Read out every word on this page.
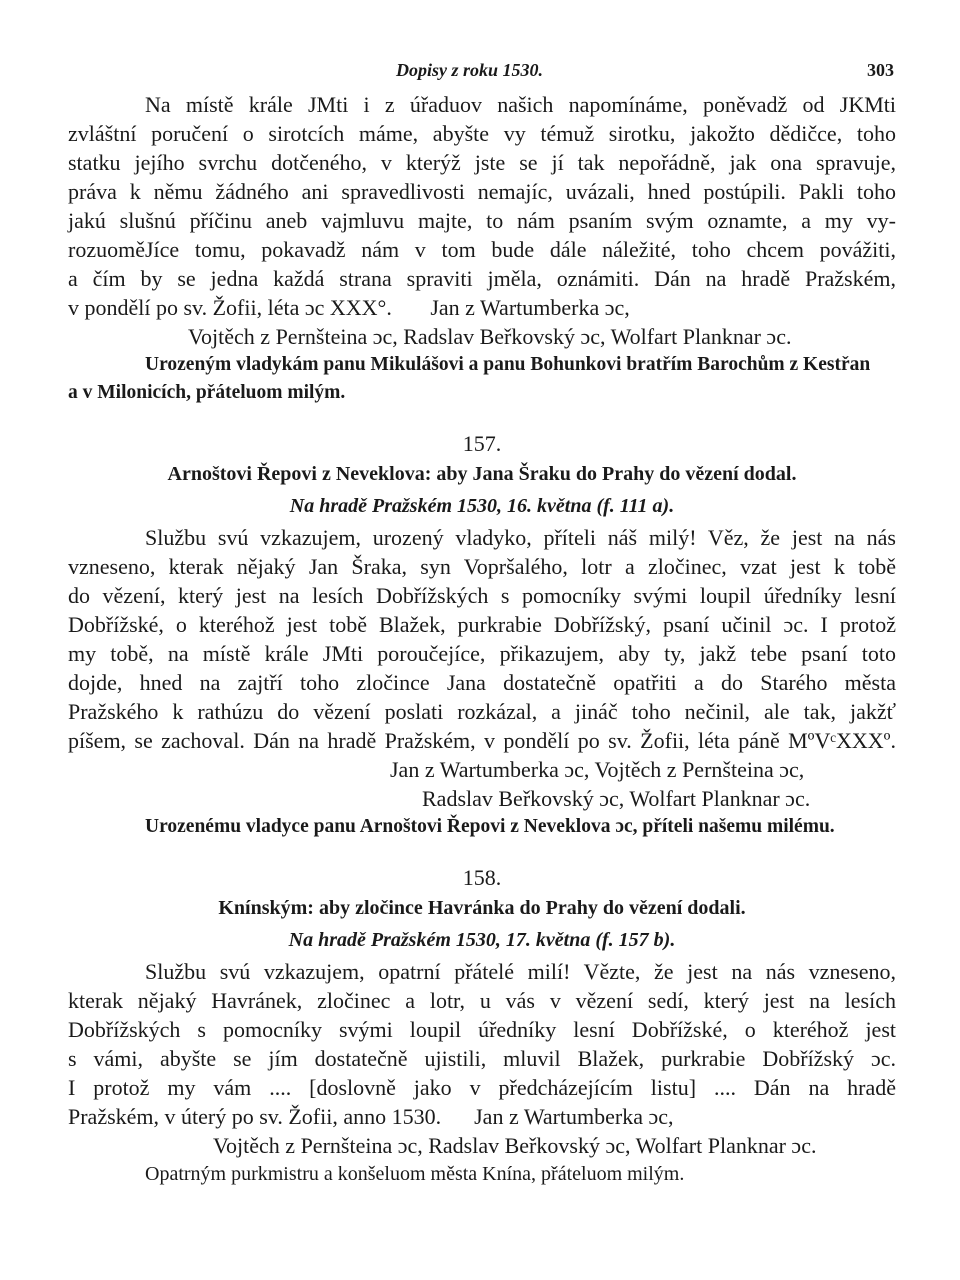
Dopisy z roku 1530.	303
Na místě krále JMti i z úřaduov našich napomínáme, poněvadž od JKMti
zvláštní poručení o sirotcích máme, abyšte vy témuž sirotku, jakožto dědičce, toho
statku jejího svrchu dotčeného, v kterýž jste se jí tak nepořádně, jak ona spravuje,
práva k němu žádného ani spravedlivosti nemajíc, uvázali, hned postúpili. Pakli toho
jakú slušnú příčinu aneb vajmluvu majte, to nám psaním svým oznamte, a my vy-
rozuoměJíce tomu, pokavadž nám v tom bude dále náležité, toho chcem povážiti,
a čím by se jedna každá strana spraviti jměla, oznámiti. Dán na hradě Pražském,
v pondělí po sv. Žofii, léta ɔc XXX°.       Jan z Wartumberka ɔc,
Vojtěch z Pernšteina ɔc, Radslav Beřkovský ɔc, Wolfart Planknar ɔc.
Urozeným vladykám panu Mikulášovi a panu Bohunkovi bratřím Barochům z Kestřan
a v Milonicích, přáteluom milým.
157.
Arnoštovi Řepovi z Neveklova: aby Jana Šraku do Prahy do vězení dodal.
Na hradě Pražském 1530, 16. května (f. 111 a).
Službu svú vzkazujem, urozený vladyko, příteli náš milý! Věz, že jest na nás
vzneseno, kterak nějaký Jan Šraka, syn Vopršalého, lotr a zločinec, vzat jest k tobě
do vězení, který jest na lesích Dobřížských s pomocníky svými loupil úředníky lesní
Dobřížské, o kteréhož jest tobě Blažek, purkrabie Dobřížský, psaní učinil ɔc. I protož
my tobě, na místě krále JMti poroučejíce, přikazujem, aby ty, jakž tebe psaní toto
dojde, hned na zajtří toho zločince Jana dostatečně opatřiti a do Starého města
Pražského k rathúzu do vězení poslati rozkázal, a jináč toho nečinil, ale tak, jakžť
píšem, se zachoval. Dán na hradě Pražském, v pondělí po sv. Žofii, léta páně MºVᶜXXXº.
Jan z Wartumberka ɔc, Vojtěch z Pernšteina ɔc,
Radslav Beřkovský ɔc, Wolfart Planknar ɔc.
Urozenému vladyce panu Arnoštovi Řepovi z Neveklova ɔc, příteli našemu milému.
158.
Knínským: aby zločince Havránka do Prahy do vězení dodali.
Na hradě Pražském 1530, 17. května (f. 157 b).
Službu svú vzkazujem, opatrní přátelé milí! Vězte, že jest na nás vzneseno,
kterak nějaký Havránek, zločinec a lotr, u vás v vězení sedí, který jest na lesích
Dobřížských s pomocníky svými loupil úředníky lesní Dobřížské, o kteréhož jest
s vámi, abyšte se jím dostatečně ujistili, mluvil Blažek, purkrabie Dobřížský ɔc.
I protož my vám .... [doslovně jako v předcházejícím listu] .... Dán na hradě
Pražském, v úterý po sv. Žofii, anno 1530.      Jan z Wartumberka ɔc,
Vojtěch z Pernšteina ɔc, Radslav Beřkovský ɔc, Wolfart Planknar ɔc.
Opatrným purkmistru a konšeluom města Knína, přáteluom milým.
